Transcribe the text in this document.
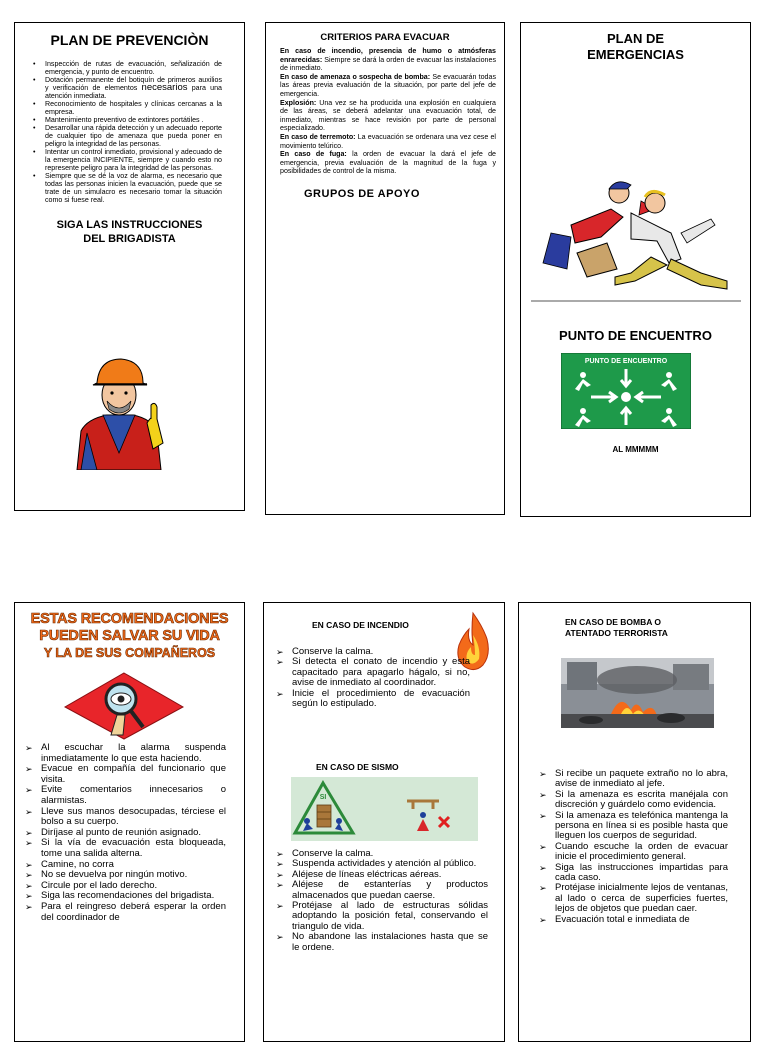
PLAN DE PREVENCIÒN
• Inspección de rutas de evacuación, señalización de emergencia, y punto de encuentro.
• Dotación permanente del botiquín de primeros auxilios y verificación de elementos necesarios para una atención inmediata.
• Reconocimiento de hospitales y clínicas cercanas a la empresa.
• Mantenimiento preventivo de extintores portátiles .
• Desarrollar una rápida detección y un adecuado reporte de cualquier tipo de amenaza que pueda poner en peligro la integridad de las personas.
• Intentar un control inmediato, provisional y adecuado de la emergencia INCIPIENTE, siempre y cuando esto no represente peligro para la integridad de las personas.
• Siempre que se dé la voz de alarma, es necesario que todas las personas inicien la evacuación, puede que se trate de un simulacro es necesario tomar la situación como si fuese real.
SIGA LAS INSTRUCCIONES
DEL BRIGADISTA
CRITERIOS PARA EVACUAR
En caso de incendio, presencia de humo o atmósferas enrarecidas: Siempre se dará la orden de evacuar las instalaciones de inmediato.
En caso de amenaza o sospecha de bomba: Se evacuarán todas las áreas previa evaluación de la situación, por parte del jefe de emergencia.
Explosión: Una vez se ha producida una explosión en cualquiera de las áreas, se deberá adelantar una evacuación total, de inmediato, mientras se hace revisión por parte de personal especializado.
En caso de terremoto: La evacuación se ordenara una vez cese el movimiento telúrico.
En caso de fuga: la orden de evacuar la dará el jefe de emergencia, previa evaluación de la magnitud de la fuga y posibilidades de control de la misma.
GRUPOS DE APOYO
PLAN DE
EMERGENCIAS
PUNTO DE ENCUENTRO
PUNTO DE ENCUENTRO
AL MMMMM
ESTAS RECOMENDACIONES
PUEDEN SALVAR SU VIDA
Y LA DE SUS COMPAÑEROS
➢ Al escuchar la alarma suspenda inmediatamente lo que esta haciendo.
➢ Evacue en compañía del funcionario que visita.
➢ Evite comentarios innecesarios o alarmistas.
➢ Lleve sus manos desocupadas, térciese el bolso a su cuerpo.
➢ Diríjase al punto de reunión asignado.
➢ Si la vía de evacuación esta bloqueada, tome una salida alterna.
➢ Camine, no corra
➢ No se devuelva por ningún motivo.
➢ Circule por el lado derecho.
➢ Siga las recomendaciones del brigadista.
➢ Para el reingreso deberá esperar la orden del coordinador de
EN CASO DE INCENDIO
➢ Conserve la calma.
➢ Si detecta el conato de incendio y esta capacitado para apagarlo hágalo, si no, avise de inmediato al coordinador.
➢ Inicie el procedimiento de evacuación según lo estipulado.
EN CASO DE SISMO
SI
➢ Conserve la calma.
➢ Suspenda actividades y atención al público.
➢ Aléjese de líneas eléctricas aéreas.
➢ Aléjese de estanterías y productos almacenados que puedan caerse.
➢ Protéjase al lado de estructuras sólidas adoptando la posición fetal, conservando el triangulo de vida.
➢ No abandone las instalaciones hasta que se le ordene.
EN CASO DE BOMBA O
ATENTADO TERRORISTA
➢ Si recibe un paquete extraño no lo abra, avise de inmediato al jefe.
➢ Si la amenaza es escrita manéjala con discreción y guárdelo como evidencia.
➢ Si la amenaza es telefónica mantenga la persona en línea si es posible hasta que lleguen los cuerpos de seguridad.
➢ Cuando escuche la orden de evacuar inicie el procedimiento general.
➢ Siga las instrucciones impartidas para cada caso.
➢ Protéjase inicialmente lejos de ventanas, al lado o cerca de superficies fuertes, lejos de objetos que puedan caer.
➢ Evacuación total e inmediata de
